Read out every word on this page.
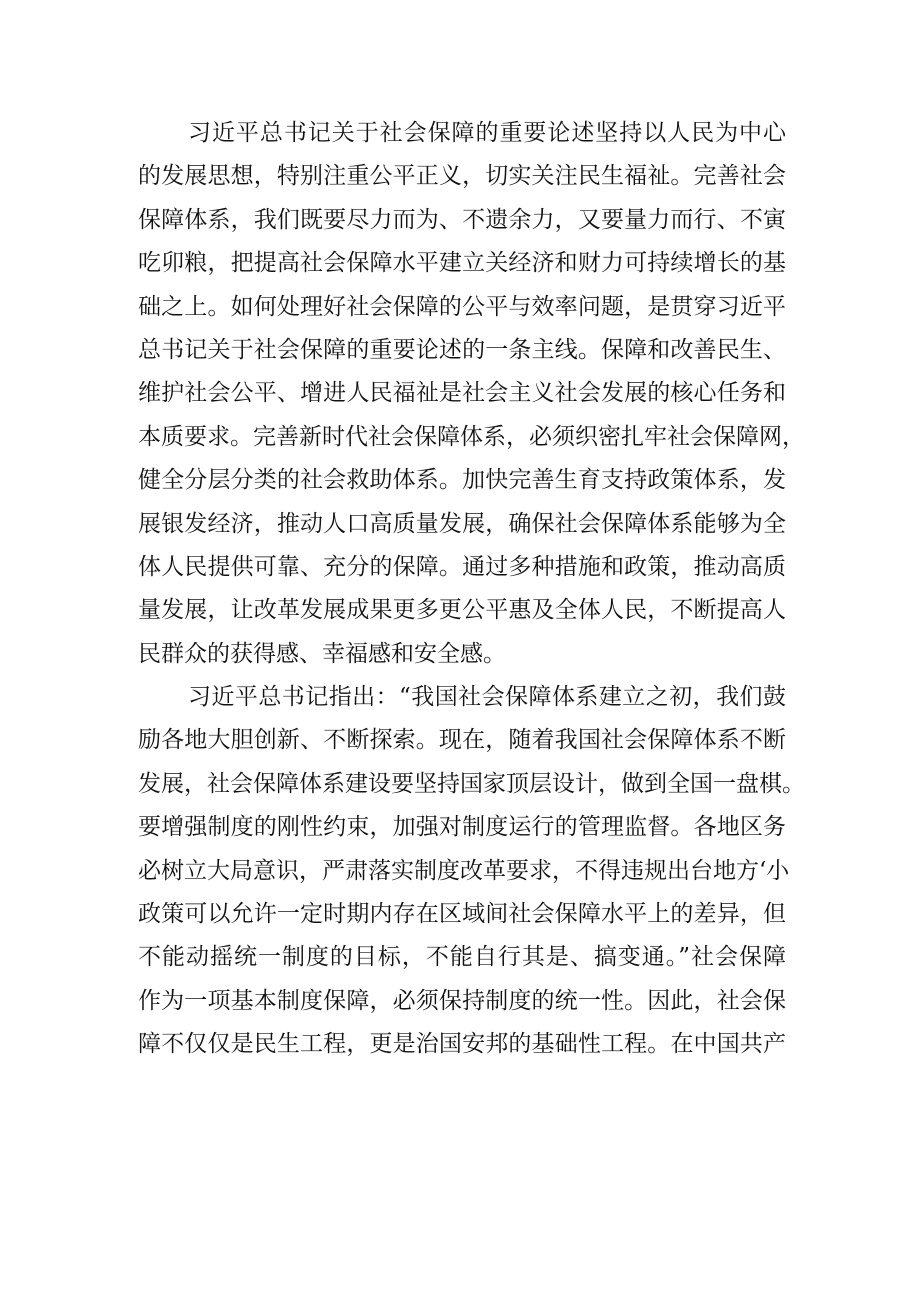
习近平总书记关于社会保障的重要论述坚持以人民为中心
的发展思想，特别注重公平正义，切实关注民生福祉。完善社会
保障体系，我们既要尽力而为、不遗余力，又要量力而行、不寅
吃卯粮，把提高社会保障水平建立关经济和财力可持续增长的基
础之上。如何处理好社会保障的公平与效率问题，是贯穿习近平
总书记关于社会保障的重要论述的一条主线。保障和改善民生、
维护社会公平、增进人民福祉是社会主义社会发展的核心任务和
本质要求。完善新时代社会保障体系，必须织密扎牢社会保障网，
健全分层分类的社会救助体系。加快完善生育支持政策体系，发
展银发经济，推动人口高质量发展，确保社会保障体系能够为全
体人民提供可靠、充分的保障。通过多种措施和政策，推动高质
量发展，让改革发展成果更多更公平惠及全体人民，不断提高人
民群众的获得感、幸福感和安全感。
习近平总书记指出：“我国社会保障体系建立之初，我们鼓
励各地大胆创新、不断探索。现在，随着我国社会保障体系不断
发展，社会保障体系建设要坚持国家顶层设计，做到全国一盘棋。
要增强制度的刚性约束，加强对制度运行的管理监督。各地区务
必树立大局意识，严肃落实制度改革要求，不得违规出台地方‘小
政策可以允许一定时期内存在区域间社会保障水平上的差异，但
不能动摇统一制度的目标，不能自行其是、搞变通。”社会保障
作为一项基本制度保障，必须保持制度的统一性。因此，社会保
障不仅仅是民生工程，更是治国安邦的基础性工程。在中国共产
